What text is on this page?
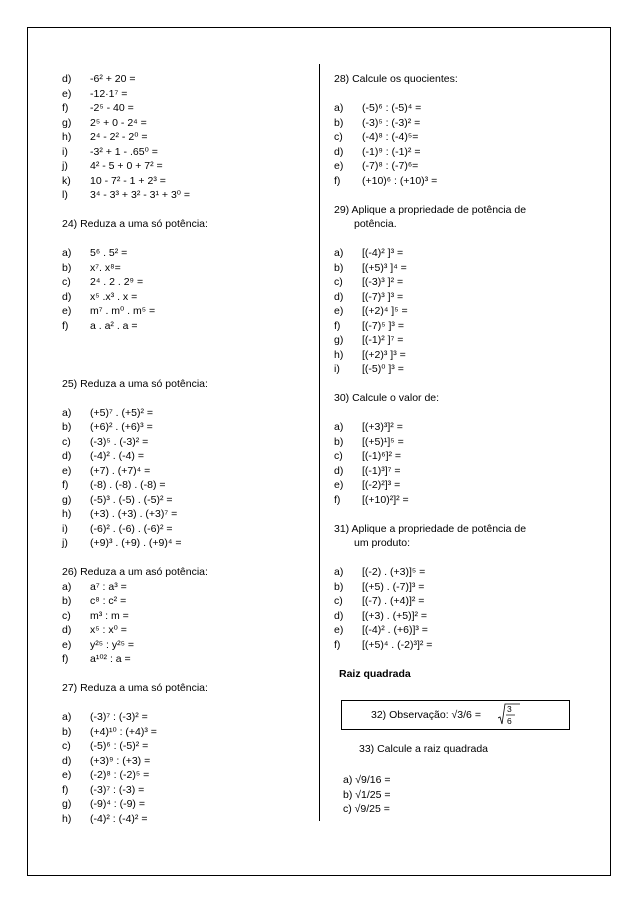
d)	-6² + 20 =
e)	-12·1⁷ =
f)	-2⁵ - 40 =
g)	2⁵ + 0 - 2⁴ =
h)	2⁴ - 2² - 2⁰ =
i)	-3² + 1 - .65⁰ =
j)	4² - 5 + 0 + 7² =
k)	10 - 7² - 1 + 2³ =
l)	3⁴ - 3³ + 3² - 3¹ + 3⁰ =
24) Reduza a uma só potência:
a)	5⁶ . 5² =
b)	x⁷. x⁸=
c)	2⁴ . 2 . 2⁹ =
d)	x⁵ .x³ . x =
e)	m⁷ . m⁰ . m⁵ =
f)	a . a² . a =
25) Reduza a uma só potência:
a)	(+5)⁷ . (+5)² =
b)	(+6)² . (+6)³ =
c)	(-3)⁵ . (-3)² =
d)	(-4)² . (-4) =
e)	(+7) . (+7)⁴ =
f)	(-8) . (-8) . (-8) =
g)	(-5)³ . (-5) . (-5)² =
h)	(+3) . (+3) . (+3)⁷ =
i)	(-6)² . (-6) . (-6)² =
j)	(+9)³ . (+9) . (+9)⁴ =
26) Reduza a um asó potência:
a)	a⁷ : a³ =
b)	c⁸ : c² =
c)	m³ : m =
d)	x⁵ : x⁰ =
e)	y²⁵ : y²⁵ =
f)	a¹⁰² : a =
27) Reduza a uma só potência:
a)	(-3)⁷ : (-3)² =
b)	(+4)¹⁰ : (+4)³ =
c)	(-5)⁶ : (-5)² =
d)	(+3)⁹ : (+3) =
e)	(-2)⁸ : (-2)⁵ =
f)	(-3)⁷ : (-3) =
g)	(-9)⁴ : (-9) =
h)	(-4)² : (-4)² =
28) Calcule os quocientes:
a)	(-5)⁶ : (-5)⁴ =
b)	(-3)⁵ : (-3)² =
c)	(-4)⁸ : (-4)⁵=
d)	(-1)⁹ : (-1)² =
e)	(-7)⁸ : (-7)⁶=
f)	(+10)⁶ : (+10)³ =
29) Aplique a propriedade de potência de
potência.
a)	[(-4)² ]³ =
b)	[(+5)³ ]⁴ =
c)	[(-3)³ ]² =
d)	[(-7)³ ]³ =
e)	[(+2)⁴ ]⁵ =
f)	[(-7)⁵ ]³ =
g)	[(-1)² ]⁷ =
h)	[(+2)³ ]³ =
i)	[(-5)⁰ ]³ =
30) Calcule o valor de:
a)	[(+3)³]² =
b)	[(+5)¹]⁵ =
c)	[(-1)⁶]² =
d)	[(-1)³]⁷ =
e)	[(-2)²]³ =
f)	[(+10)²]² =
31) Aplique a propriedade de potência de
um produto:
a)	[(-2) . (+3)]⁵ =
b)	[(+5) . (-7)]³ =
c)	[(-7) . (+4)]² =
d)	[(+3) . (+5)]² =
e)	[(-4)² . (+6)]³ =
f)	[(+5)⁴ . (-2)³]² =
Raiz quadrada
32) Observação: √3/6 =	3
6
33) Calcule a raiz quadrada
a) √9/16 =
b) √1/25 =
c) √9/25 =
